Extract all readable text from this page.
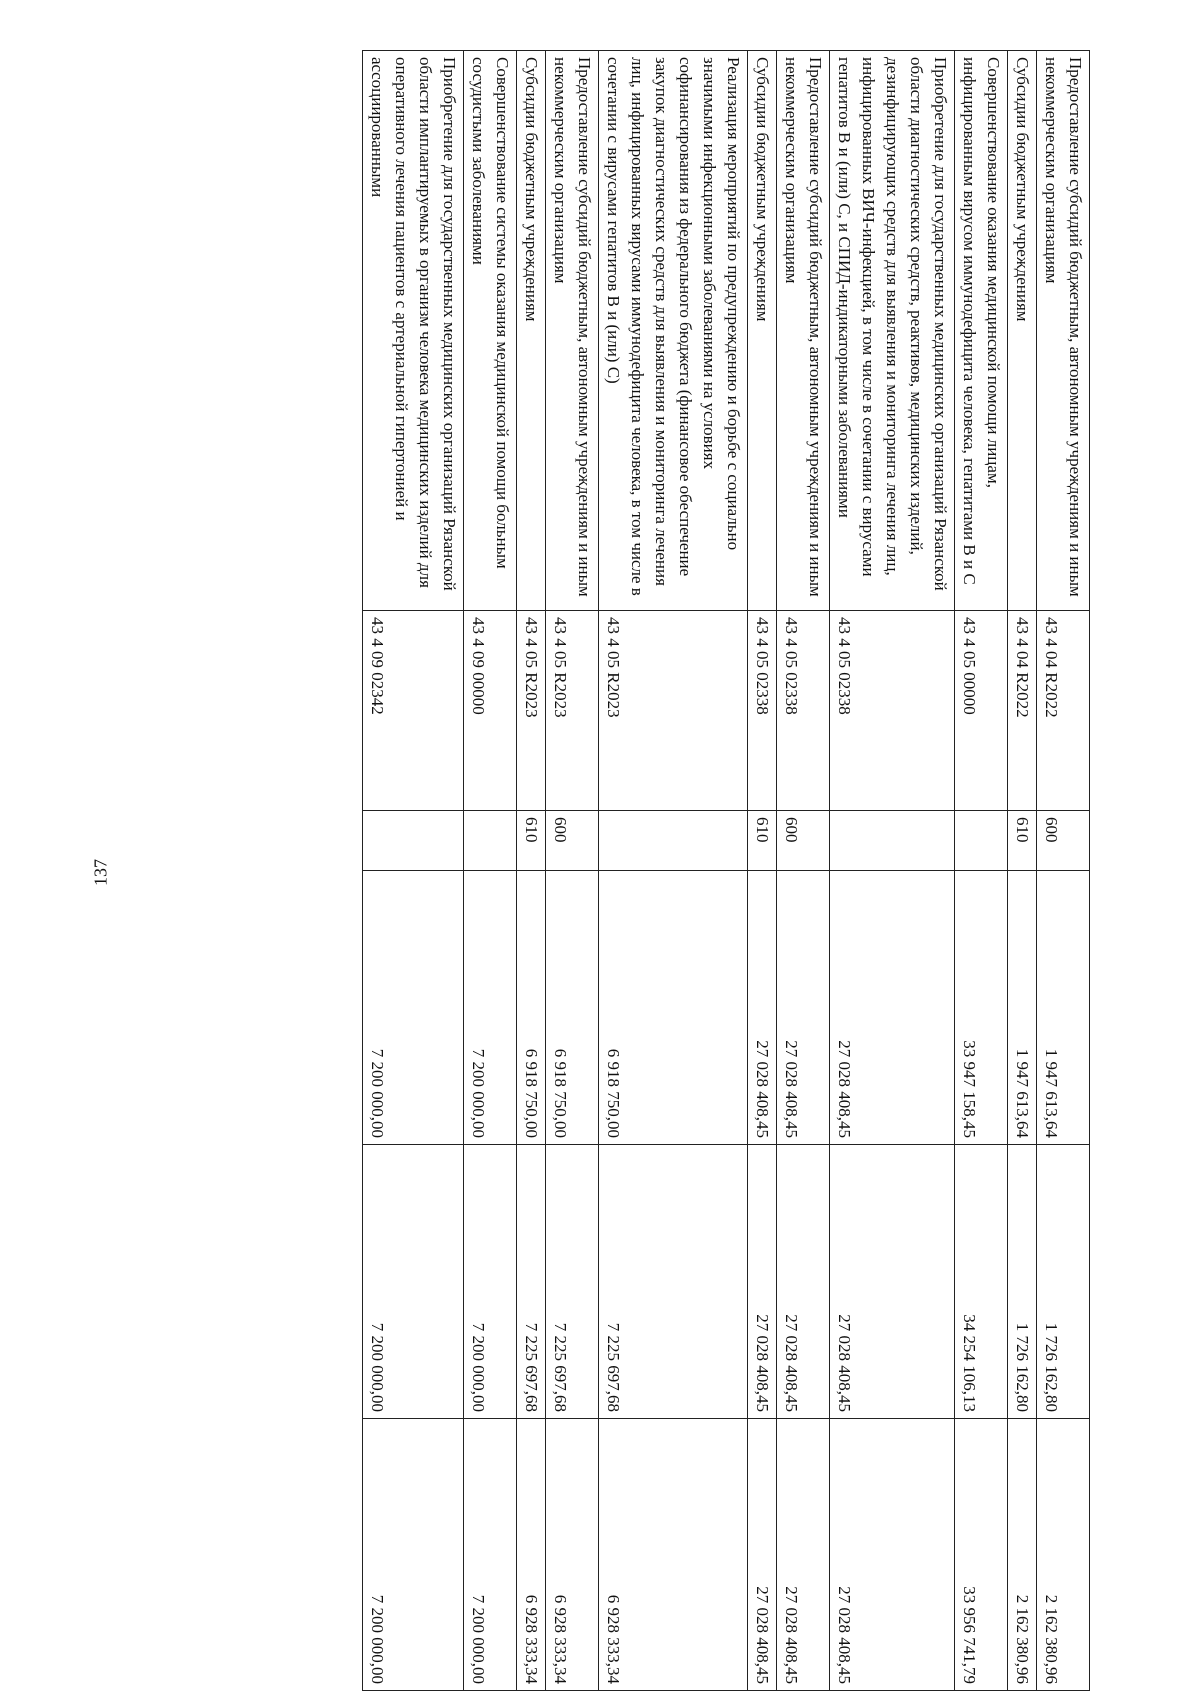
137
Предоставление субсидий бюджетным, автономным учреждениям и иным некоммерческим организациям	43 4 04 R2022	600	1 947 613,64	1 726 162,80	2 162 380,96
Субсидии бюджетным учреждениям	43 4 04 R2022	610	1 947 613,64	1 726 162,80	2 162 380,96
Совершенствование оказания медицинской помощи лицам, инфицированным вирусом иммунодефицита человека, гепатитами В и С	43 4 05 00000		33 947 158,45	34 254 106,13	33 956 741,79
Приобретение для государственных медицинских организаций Рязанской области диагностических средств, реактивов, медицинских изделий, дезинфицирующих средств для выявления и мониторинга лечения лиц, инфицированных ВИЧ-инфекцией, в том числе в сочетании с вирусами гепатитов В и (или) С, и СПИД-индикаторными заболеваниями	43 4 05 02338		27 028 408,45	27 028 408,45	27 028 408,45
Предоставление субсидий бюджетным, автономным учреждениям и иным некоммерческим организациям	43 4 05 02338	600	27 028 408,45	27 028 408,45	27 028 408,45
Субсидии бюджетным учреждениям	43 4 05 02338	610	27 028 408,45	27 028 408,45	27 028 408,45
Реализация мероприятий по предупреждению и борьбе с социально значимыми инфекционными заболеваниями на условиях софинансирования из федерального бюджета (финансовое обеспечение закупок диагностических средств для выявления и мониторинга лечения лиц, инфицированных вирусами иммунодефицита человека, в том числе в сочетании с вирусами гепатитов В и (или) С)	43 4 05 R2023		6 918 750,00	7 225 697,68	6 928 333,34
Предоставление субсидий бюджетным, автономным учреждениям и иным некоммерческим организациям	43 4 05 R2023	600	6 918 750,00	7 225 697,68	6 928 333,34
Субсидии бюджетным учреждениям	43 4 05 R2023	610	6 918 750,00	7 225 697,68	6 928 333,34
Совершенствование системы оказания медицинской помощи больным сосудистыми заболеваниями	43 4 09 00000		7 200 000,00	7 200 000,00	7 200 000,00
Приобретение для государственных медицинских организаций Рязанской области имплантируемых в организм человека медицинских изделий для оперативного лечения пациентов с артериальной гипертонией и ассоциированными	43 4 09 02342		7 200 000,00	7 200 000,00	7 200 000,00
